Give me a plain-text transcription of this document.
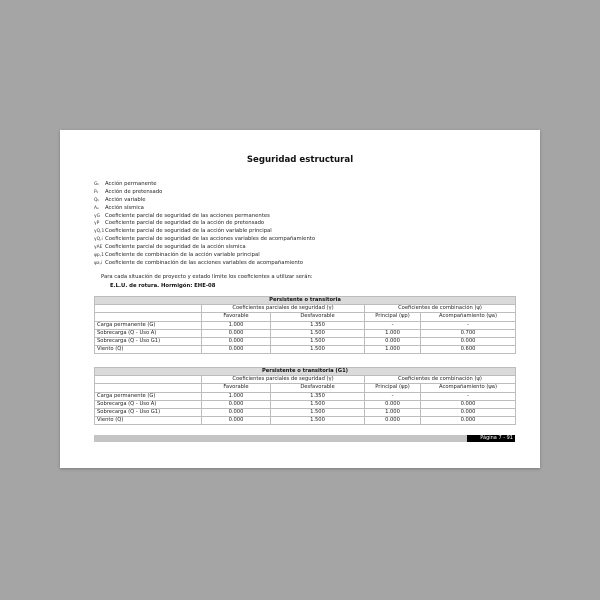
Seguridad estructural
Gₖ Acción permanente
Pₖ Acción de pretensado
Qₖ Acción variable
Aₑ Acción sísmica
γG Coeficiente parcial de seguridad de las acciones permanentes
γP Coeficiente parcial de seguridad de la acción de pretensado
γQ,1Coeficiente parcial de seguridad de la acción variable principal
γQ,i Coeficiente parcial de seguridad de las acciones variables de acompañamiento
γAE Coeficiente parcial de seguridad de la acción sísmica
ψp,1Coeficiente de combinación de la acción variable principal
ψa,i Coeficiente de combinación de las acciones variables de acompañamiento
Para cada situación de proyecto y estado límite los coeficientes a utilizar serán:
E.L.U. de rotura. Hormigón: EHE-08
Persistente o transitoria				
	Coeficientes parciales de seguridad (γ)		Coeficientes de combinación (ψ)	
	Favorable	Desfavorable	Principal (ψp)	Acompañamiento (ψa)
Carga permanente (G)	1.000	1.350	-	-
Sobrecarga (Q - Uso A)	0.000	1.500	1.000	0.700
Sobrecarga (Q - Uso G1)	0.000	1.500	0.000	0.000
Viento (Q)	0.000	1.500	1.000	0.600
Persistente o transitoria (G1)				
	Coeficientes parciales de seguridad (γ)		Coeficientes de combinación (ψ)	
	Favorable	Desfavorable	Principal (ψp)	Acompañamiento (ψa)
Carga permanente (G)	1.000	1.350	-	-
Sobrecarga (Q - Uso A)	0.000	1.500	0.000	0.000
Sobrecarga (Q - Uso G1)	0.000	1.500	1.000	0.000
Viento (Q)	0.000	1.500	0.000	0.000
Página 7 - 91
